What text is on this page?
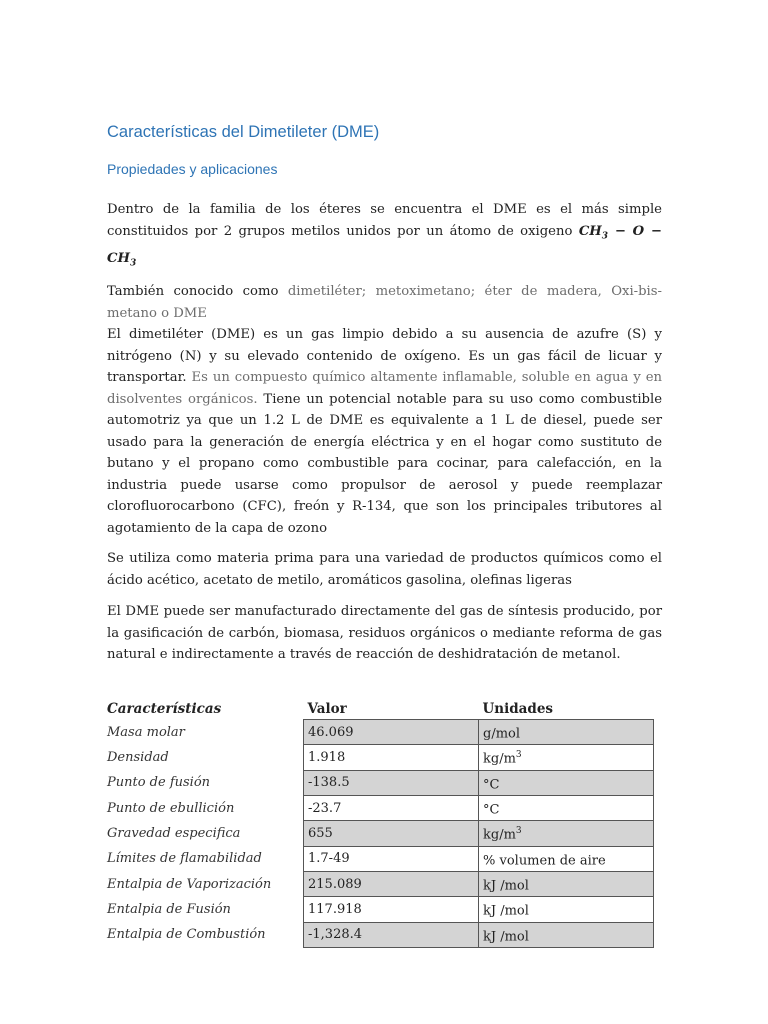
Características del Dimetileter (DME)
Propiedades y aplicaciones

Dentro de la familia de los éteres se encuentra el DME es el más simple constituidos por 2 grupos metilos unidos por un átomo de oxigeno $CH_3 - O - CH_3$

También conocido como dimetiléter; metoximetano; éter de madera, Oxi-bis-metano o DME
El dimetiléter (DME) es un gas limpio debido a su ausencia de azufre (S) y nitrógeno (N) y su elevado contenido de oxígeno. Es un gas fácil de licuar y transportar. Es un compuesto químico altamente inflamable, soluble en agua y en disolventes orgánicos. Tiene un potencial notable para su uso como combustible automotriz ya que un 1.2 L de DME es equivalente a 1 L de diesel, puede ser usado para la generación de energía eléctrica y en el hogar como sustituto de butano y el propano como combustible para cocinar, para calefacción, en la industria puede usarse como propulsor de aerosol y puede reemplazar clorofluorocarbono (CFC), freón y R-134, que son los principales tributores al agotamiento de la capa de ozono

Se utiliza como materia prima para una variedad de productos químicos como el ácido acético, acetato de metilo, aromáticos gasolina, olefinas ligeras

El DME puede ser manufacturado directamente del gas de síntesis producido, por la gasificación de carbón, biomasa, residuos orgánicos o mediante reforma de gas natural e indirectamente a través de reacción de deshidratación de metanol.

Características	Valor	Unidades
Masa molar	46.069	g/mol
Densidad	1.918	$kg/m^3$
Punto de fusión	-138.5	°C
Punto de ebullición	-23.7	°C
Gravedad especifica	655	$kg/m^3$
Límites de flamabilidad	1.7-49	% volumen de aire
Entalpia de Vaporización	215.089	kJ /mol
Entalpia de Fusión	117.918	kJ /mol
Entalpia de Combustión	-1,328.4	kJ /mol
